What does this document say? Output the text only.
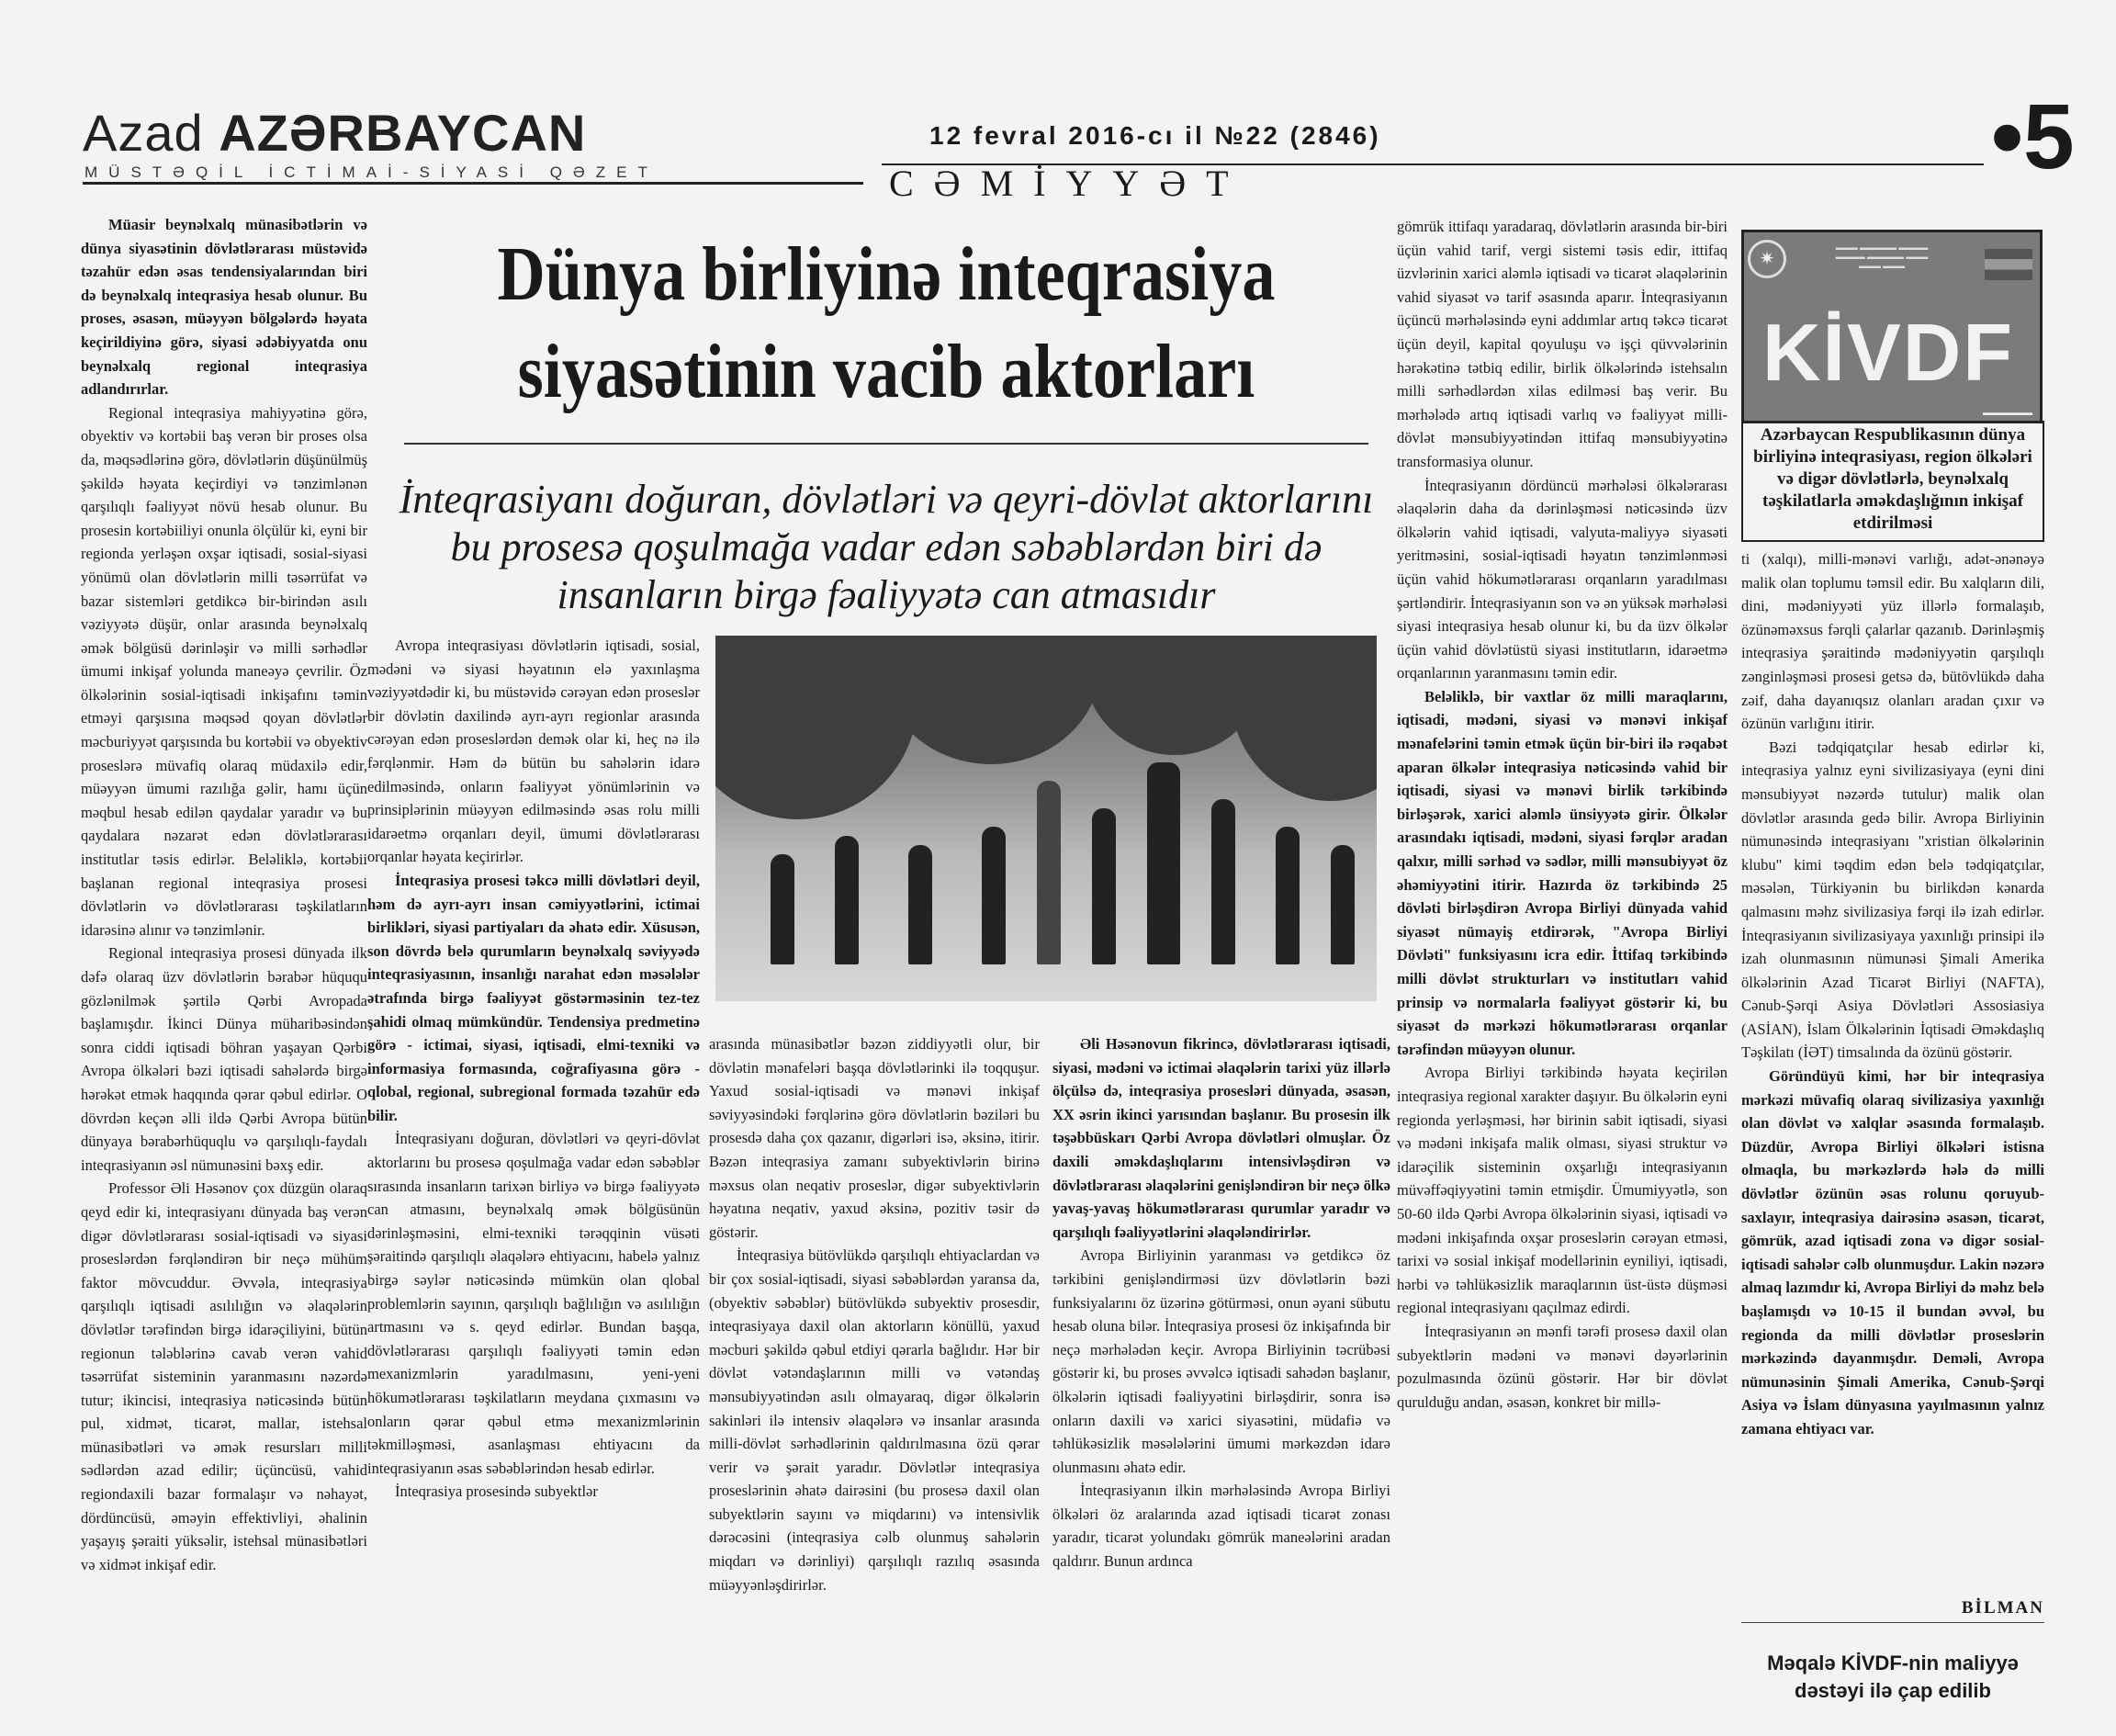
Azad AZƏRBAYCAN
MÜSTƏQİL İCTİMAİ-SİYASİ QƏZET
12 fevral 2016-cı il №22 (2846)
CƏMİYYƏT	•5
Dünya birliyinə inteqrasiya siyasətinin vacib aktorları
İnteqrasiyanı doğuran, dövlətləri və qeyri-dövlət aktorlarını bu prosesə qoşulmağa vadar edən səbəblərdən biri də insanların birgə fəaliyyətə can atmasıdır

Müasir beynəlxalq münasibətlərin və dünya siyasətinin dövlətlərarası müstəvidə təzahür edən əsas tendensiyalarından biri də beynəlxalq inteqrasiya hesab olunur. Bu proses, əsasən, müəyyən bölgələrdə həyata keçirildiyinə görə, siyasi ədəbiyyatda onu beynəlxalq regional inteqrasiya adlandırırlar.

Regional inteqrasiya mahiyyətinə görə, obyektiv və kortəbii baş verən bir proses olsa da, məqsədlərinə görə, dövlətlərin düşünülmüş şəkildə həyata keçirdiyi və tənzimlənən qarşılıqlı fəaliyyət növü hesab olunur. Bu prosesin kortəbiiliyi onunla ölçülür ki, eyni bir regionda yerləşən oxşar iqtisadi, sosial-siyasi yönümü olan dövlətlərin milli təsərrüfat və bazar sistemləri getdikcə bir-birindən asılı vəziyyətə düşür, onlar arasında beynəlxalq əmək bölgüsü dərinləşir və milli sərhədlər ümumi inkişaf yolunda maneəyə çevrilir. Öz ölkələrinin sosial-iqtisadi inkişafını təmin etməyi qarşısına məqsəd qoyan dövlətlər məcburiyyət qarşısında bu kortəbii və obyektiv proseslərə müvafiq olaraq müdaxilə edir, müəyyən ümumi razılığa gəlir, hamı üçün məqbul hesab edilən qaydalar yaradır və bu qaydalara nəzarət edən dövlətlərarası institutlar təsis edirlər. Beləliklə, kortəbii başlanan regional inteqrasiya prosesi dövlətlərin və dövlətlərarası təşkilatların idarəsinə alınır və tənzimlənir.

Regional inteqrasiya prosesi dünyada ilk dəfə olaraq üzv dövlətlərin bərabər hüququ gözlənilmək şərtilə Qərbi Avropada başlamışdır. İkinci Dünya müharibəsindən sonra ciddi iqtisadi böhran yaşayan Qərbi Avropa ölkələri bəzi iqtisadi sahələrdə birgə hərəkət etmək haqqında qərar qəbul edirlər. O dövrdən keçən əlli ildə Qərbi Avropa bütün dünyaya bərabərhüquqlu və qarşılıqlı-faydalı inteqrasiyanın əsl nümunəsini bəxş edir.

Professor Əli Həsənov çox düzgün olaraq qeyd edir ki, inteqrasiyanı dünyada baş verən digər dövlətlərarası sosial-iqtisadi və siyasi proseslərdən fərqləndirən bir neçə mühüm faktor mövcuddur. Əvvəla, inteqrasiya qarşılıqlı iqtisadi asılılığın və əlaqələrin dövlətlər tərəfindən birgə idarəçiliyini, bütün regionun tələblərinə cavab verən vahid təsərrüfat sisteminin yaranmasını nəzərdə tutur; ikincisi, inteqrasiya nəticəsində bütün pul, xidmət, ticarət, mallar, istehsal münasibətləri və əmək resursları milli sədlərdən azad edilir; üçüncüsü, vahid regiondaxili bazar formalaşır və nəhayət, dördüncüsü, əməyin effektivliyi, əhalinin yaşayış şəraiti yüksəlir, istehsal münasibətləri və xidmət inkişaf edir.

Avropa inteqrasiyası dövlətlərin iqtisadi, sosial, mədəni və siyasi həyatının elə yaxınlaşma vəziyyətdədir ki, bu müstəvidə cərəyan edən proseslər bir dövlətin daxilində ayrı-ayrı regionlar arasında cərəyan edən proseslərdən demək olar ki, heç nə ilə fərqlənmir. Həm də bütün bu sahələrin idarə edilməsində, onların fəaliyyət yönümlərinin və prinsiplərinin müəyyən edilməsində əsas rolu milli idarəetmə orqanları deyil, ümumi dövlətlərarası orqanlar həyata keçirirlər.

İnteqrasiya prosesi təkcə milli dövlətləri deyil, həm də ayrı-ayrı insan cəmiyyətlərini, ictimai birlikləri, siyasi partiyaları da əhatə edir. Xüsusən, son dövrdə belə qurumların beynəlxalq səviyyədə inteqrasiyasının, insanlığı narahat edən məsələlər ətrafında birgə fəaliyyət göstərməsinin tez-tez şahidi olmaq mümkündür. Tendensiya predmetinə görə - ictimai, siyasi, iqtisadi, elmi-texniki və informasiya formasında, coğrafiyasına görə - qlobal, regional, subregional formada təzahür edə bilir.

İnteqrasiyanı doğuran, dövlətləri və qeyri-dövlət aktorlarını bu prosesə qoşulmağa vadar edən səbəblər sırasında insanların tarixən birliyə və birgə fəaliyyətə can atmasını, beynəlxalq əmək bölgüsünün dərinləşməsini, elmi-texniki tərəqqinin vüsəti şəraitində qarşılıqlı əlaqələrə ehtiyacını, habelə yalnız birgə səylər nəticəsində mümkün olan qlobal problemlərin sayının, qarşılıqlı bağlılığın və asılılığın artmasını və s. qeyd edirlər. Bundan başqa, dövlətlərarası qarşılıqlı fəaliyyəti təmin edən mexanizmlərin yaradılmasını, yeni-yeni hökumətlərarası təşkilatların meydana çıxmasını və onların qərar qəbul etmə mexanizmlərinin təkmilləşməsi, asanlaşması ehtiyacını da inteqrasiyanın əsas səbəblərindən hesab edirlər.

İnteqrasiya prosesində subyektlər

arasında münasibətlər bəzən ziddiyyətli olur, bir dövlətin mənafeləri başqa dövlətlərinki ilə toqquşur. Yaxud sosial-iqtisadi və mənəvi inkişaf səviyyəsindəki fərqlərinə görə dövlətlərin bəziləri bu prosesdə daha çox qazanır, digərləri isə, əksinə, itirir. Bəzən inteqrasiya zamanı subyektivlərin birinə məxsus olan neqativ proseslər, digər subyektivlərin həyatına neqativ, yaxud əksinə, pozitiv təsir də göstərir.

İnteqrasiya bütövlükdə qarşılıqlı ehtiyaclardan və bir çox sosial-iqtisadi, siyasi səbəblərdən yaransa da, (obyektiv səbəblər) bütövlükdə subyektiv prosesdir, inteqrasiyaya daxil olan aktorların könüllü, yaxud məcburi şəkildə qəbul etdiyi qərarla bağlıdır. Hər bir dövlət vətəndaşlarının milli və vətəndaş mənsubiyyətindən asılı olmayaraq, digər ölkələrin sakinləri ilə intensiv əlaqələrə və insanlar arasında milli-dövlət sərhədlərinin qaldırılmasına özü qərar verir və şərait yaradır. Dövlətlər inteqrasiya proseslərinin əhatə dairəsini (bu prosesə daxil olan subyektlərin sayını və miqdarını) və intensivlik dərəcəsini (inteqrasiya cəlb olunmuş sahələrin miqdarı və dərinliyi) qarşılıqlı razılıq əsasında müəyyənləşdirirlər.

Əli Həsənovun fikrincə, dövlətlərarası iqtisadi, siyasi, mədəni və ictimai əlaqələrin tarixi yüz illərlə ölçülsə də, inteqrasiya prosesləri dünyada, əsasən, XX əsrin ikinci yarısından başlanır. Bu prosesin ilk təşəbbüskarı Qərbi Avropa dövlətləri olmuşlar. Öz daxili əməkdaşlıqlarını intensivləşdirən və dövlətlərarası əlaqələrini genişləndirən bir neçə ölkə yavaş-yavaş hökumətlərarası qurumlar yaradır və qarşılıqlı fəaliyyətlərini əlaqələndirirlər.

Avropa Birliyinin yaranması və getdikcə öz tərkibini genişləndirməsi üzv dövlətlərin bəzi funksiyalarını öz üzərinə götürməsi, onun əyani sübutu hesab oluna bilər. İnteqrasiya prosesi öz inkişafında bir neçə mərhələdən keçir. Avropa Birliyinin təcrübəsi göstərir ki, bu proses əvvəlcə iqtisadi sahədən başlanır, ölkələrin iqtisadi fəaliyyətini birləşdirir, sonra isə onların daxili və xarici siyasətini, müdafiə və təhlükəsizlik məsələlərini ümumi mərkəzdən idarə olunmasını əhatə edir.

İnteqrasiyanın ilkin mərhələsində Avropa Birliyi ölkələri öz aralarında azad iqtisadi ticarət zonası yaradır, ticarət yolundakı gömrük maneələrini aradan qaldırır. Bunun ardınca

gömrük ittifaqı yaradaraq, dövlətlərin arasında bir-biri üçün vahid tarif, vergi sistemi təsis edir, ittifaq üzvlərinin xarici aləmlə iqtisadi və ticarət əlaqələrinin vahid siyasət və tarif əsasında aparır. İnteqrasiyanın üçüncü mərhələsində eyni addımlar artıq təkcə ticarət üçün deyil, kapital qoyuluşu və işçi qüvvələrinin hərəkətinə tətbiq edilir, birlik ölkələrində istehsalın milli sərhədlərdən xilas edilməsi baş verir. Bu mərhələdə artıq iqtisadi varlıq və fəaliyyət milli-dövlət mənsubiyyətindən ittifaq mənsubiyyətinə transformasiya olunur.

İnteqrasiyanın dördüncü mərhələsi ölkələrarası əlaqələrin daha da dərinləşməsi nəticəsində üzv ölkələrin vahid iqtisadi, valyuta-maliyyə siyasəti yeritməsini, sosial-iqtisadi həyatın tənzimlənməsi üçün vahid hökumətlərarası orqanların yaradılması şərtləndirir. İnteqrasiyanın son və ən yüksək mərhələsi siyasi inteqrasiya hesab olunur ki, bu da üzv ölkələr üçün vahid dövlətüstü siyasi institutların, idarəetmə orqanlarının yaranmasını təmin edir.

Beləliklə, bir vaxtlar öz milli maraqlarını, iqtisadi, mədəni, siyasi və mənəvi inkişaf mənafelərini təmin etmək üçün bir-biri ilə rəqabət aparan ölkələr inteqrasiya nəticəsində vahid bir iqtisadi, siyasi və mənəvi birlik tərkibində birləşərək, xarici aləmlə ünsiyyətə girir. Ölkələr arasındakı iqtisadi, mədəni, siyasi fərqlər aradan qalxır, milli sərhəd və sədlər, milli mənsubiyyət öz əhəmiyyətini itirir. Hazırda öz tərkibində 25 dövləti birləşdirən Avropa Birliyi dünyada vahid siyasət nümayiş etdirərək, "Avropa Birliyi Dövləti" funksiyasını icra edir. İttifaq tərkibində milli dövlət strukturları və institutları vahid prinsip və normalarla fəaliyyət göstərir ki, bu siyasət də mərkəzi hökumətlərarası orqanlar tərəfindən müəyyən olunur.

Avropa Birliyi tərkibində həyata keçirilən inteqrasiya regional xarakter daşıyır. Bu ölkələrin eyni regionda yerləşməsi, hər birinin sabit iqtisadi, siyasi və mədəni inkişafa malik olması, siyasi struktur və idarəçilik sisteminin oxşarlığı inteqrasiyanın müvəffəqiyyətini təmin etmişdir. Ümumiyyətlə, son 50-60 ildə Qərbi Avropa ölkələrinin siyasi, iqtisadi və mədəni inkişafında oxşar proseslərin cərəyan etməsi, tarixi və sosial inkişaf modellərinin eyniliyi, iqtisadi, hərbi və təhlükəsizlik maraqlarının üst-üstə düşməsi regional inteqrasiyanı qaçılmaz edirdi.

İnteqrasiyanın ən mənfi tərəfi prosesə daxil olan subyektlərin mədəni və mənəvi dəyərlərinin pozulmasında özünü göstərir. Hər bir dövlət qurulduğu andan, əsasən, konkret bir millə-

✷
▬▬▬ ▬▬▬▬▬ ▬▬▬▬
▬▬▬▬ ▬▬▬▬▬ ▬▬▬
▬▬▬ ▬▬▬
KİVDF
▬▬▬▬▬▬
Azərbaycan Respublikasının dünya birliyinə inteqrasiyası, region ölkələri və digər dövlətlərlə, beynəlxalq təşkilatlarla əməkdaşlığının inkişaf etdirilməsi

ti (xalqı), milli-mənəvi varlığı, adət-ənənəyə malik olan toplumu təmsil edir. Bu xalqların dili, dini, mədəniyyəti yüz illərlə formalaşıb, özünəməxsus fərqli çalarlar qazanıb. Dərinləşmiş inteqrasiya şəraitində mədəniyyətin qarşılıqlı zənginləşməsi prosesi getsə də, bütövlükdə daha zəif, daha dayanıqsız olanları aradan çıxır və özünün varlığını itirir.

Bəzi tədqiqatçılar hesab edirlər ki, inteqrasiya yalnız eyni sivilizasiyaya (eyni dini mənsubiyyət nəzərdə tutulur) malik olan dövlətlər arasında gedə bilir. Avropa Birliyinin nümunəsində inteqrasiyanı "xristian ölkələrinin klubu" kimi təqdim edən belə tədqiqatçılar, məsələn, Türkiyənin bu birlikdən kənarda qalmasını məhz sivilizasiya fərqi ilə izah edirlər. İnteqrasiyanın sivilizasiyaya yaxınlığı prinsipi ilə izah olunmasının nümunəsi Şimali Amerika ölkələrinin Azad Ticarət Birliyi (NAFTA), Cənub-Şərqi Asiya Dövlətləri Assosiasiya (ASİAN), İslam Ölkələrinin İqtisadi Əməkdaşlıq Təşkilatı (İƏT) timsalında da özünü göstərir.

Göründüyü kimi, hər bir inteqrasiya mərkəzi müvafiq olaraq sivilizasiya yaxınlığı olan dövlət və xalqlar əsasında formalaşıb. Düzdür, Avropa Birliyi ölkələri istisna olmaqla, bu mərkəzlərdə hələ də milli dövlətlər özünün əsas rolunu qoruyub-saxlayır, inteqrasiya dairəsinə əsasən, ticarət, gömrük, azad iqtisadi zona və digər sosial- iqtisadi sahələr cəlb olunmuşdur. Lakin nəzərə almaq lazımdır ki, Avropa Birliyi də məhz belə başlamışdı və 10-15 il bundan əvvəl, bu regionda da milli dövlətlər proseslərin mərkəzində dayanmışdır. Deməli, Avropa nümunəsinin Şimali Amerika, Cənub-Şərqi Asiya və İslam dünyasına yayılmasının yalnız zamana ehtiyacı var.

BİLMAN
Məqalə KİVDF-nin maliyyə dəstəyi ilə çap edilib
